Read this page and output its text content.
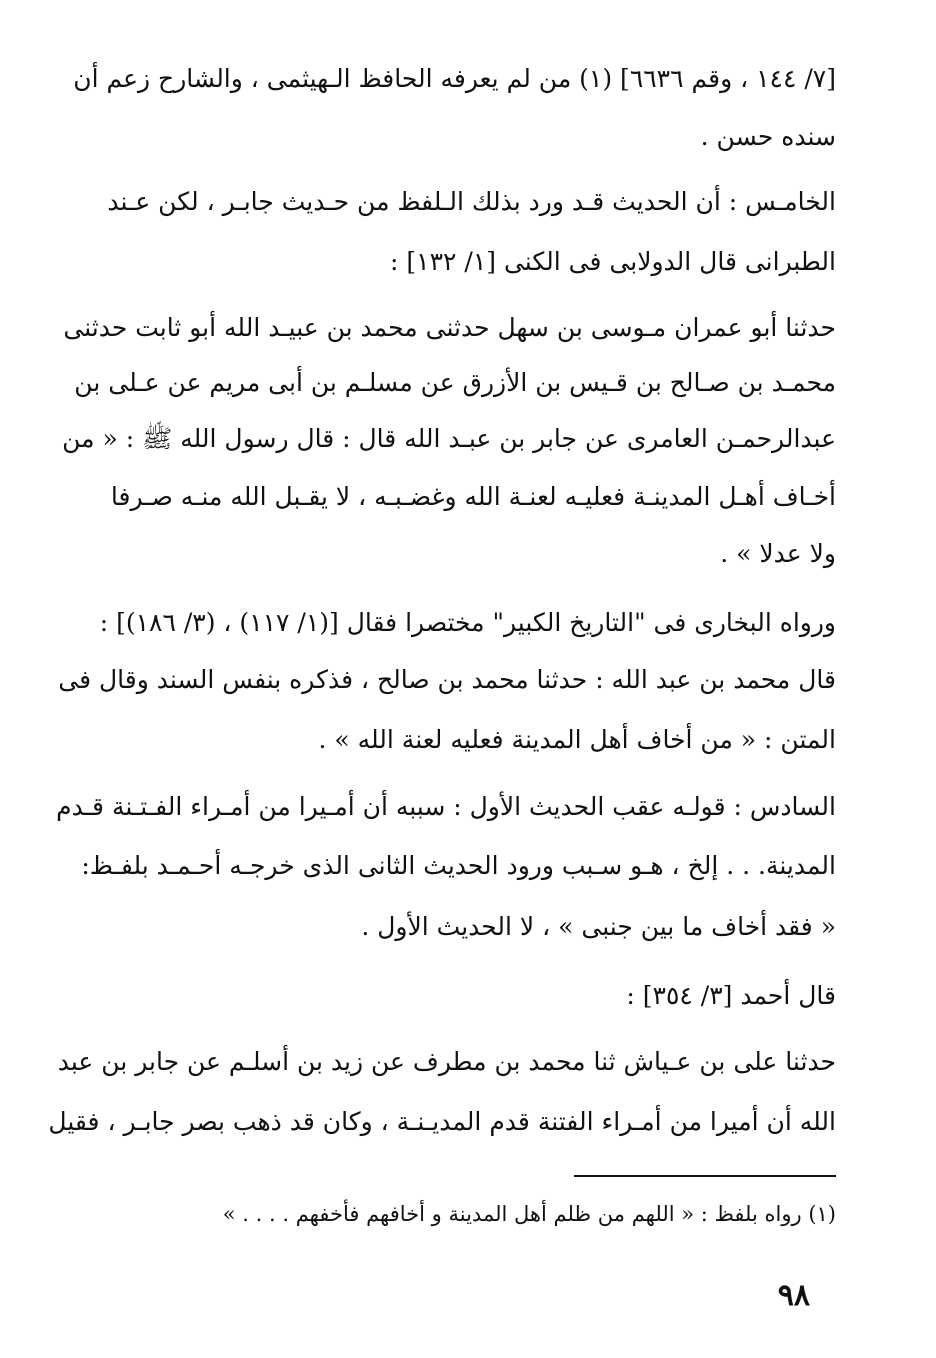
[٧/ ١٤٤ ، وقم ٦٦٣٦] (١) من لم يعرفه الحافظ الـهيثمى ، والشارح زعم أن
سنده حسن .
الخامـس : أن الحديث قـد ورد بذلك الـلفظ من حـديث جابـر ، لكن عـند
الطبرانى قال الدولابى فى الكنى [١/ ١٣٢] :
حدثنا أبو عمران مـوسى بن سهل حدثنى محمد بن عبيـد الله أبو ثابت حدثنى
محمـد بن صـالح بن قـيس بن الأزرق عن مسلـم بن أبى مريم عن عـلى بن
عبدالرحمـن العامرى عن جابر بن عبـد الله قال : قال رسول الله ﷺ : « من
أخـاف أهـل المدينـة فعليـه لعنـة الله وغضـبـه ، لا يقـبل الله منـه صـرفا
ولا عدلا » .
ورواه البخارى فى "التاريخ الكبير" مختصرا فقال [(١/ ١١٧) ، (٣/ ١٨٦)] :
قال محمد بن عبد الله : حدثنا محمد بن صالح ، فذكره بنفس السند وقال فى
المتن : « من أخاف أهل المدينة فعليه لعنة الله » .
السادس : قولـه عقب الحديث الأول : سببه أن أمـيرا من أمـراء الفـتـنة قـدم
المدينة. . . إلخ ، هـو سـبب ورود الحديث الثانى الذى خرجـه أحـمـد بلفـظ:
« فقد أخاف ما بين جنبى » ، لا الحديث الأول .
قال أحمد [٣/ ٣٥٤] :
حدثنا على بن عـياش ثنا محمد بن مطرف عن زيد بن أسلـم عن جابر بن عبد
الله أن أميرا من أمـراء الفتنة قدم المديـنـة ، وكان قد ذهب بصر جابـر ، فقيل
(١) رواه بلفظ : « اللهم من ظلم أهل المدينة و أخافهم فأخفهم . . . . »
٩٨
